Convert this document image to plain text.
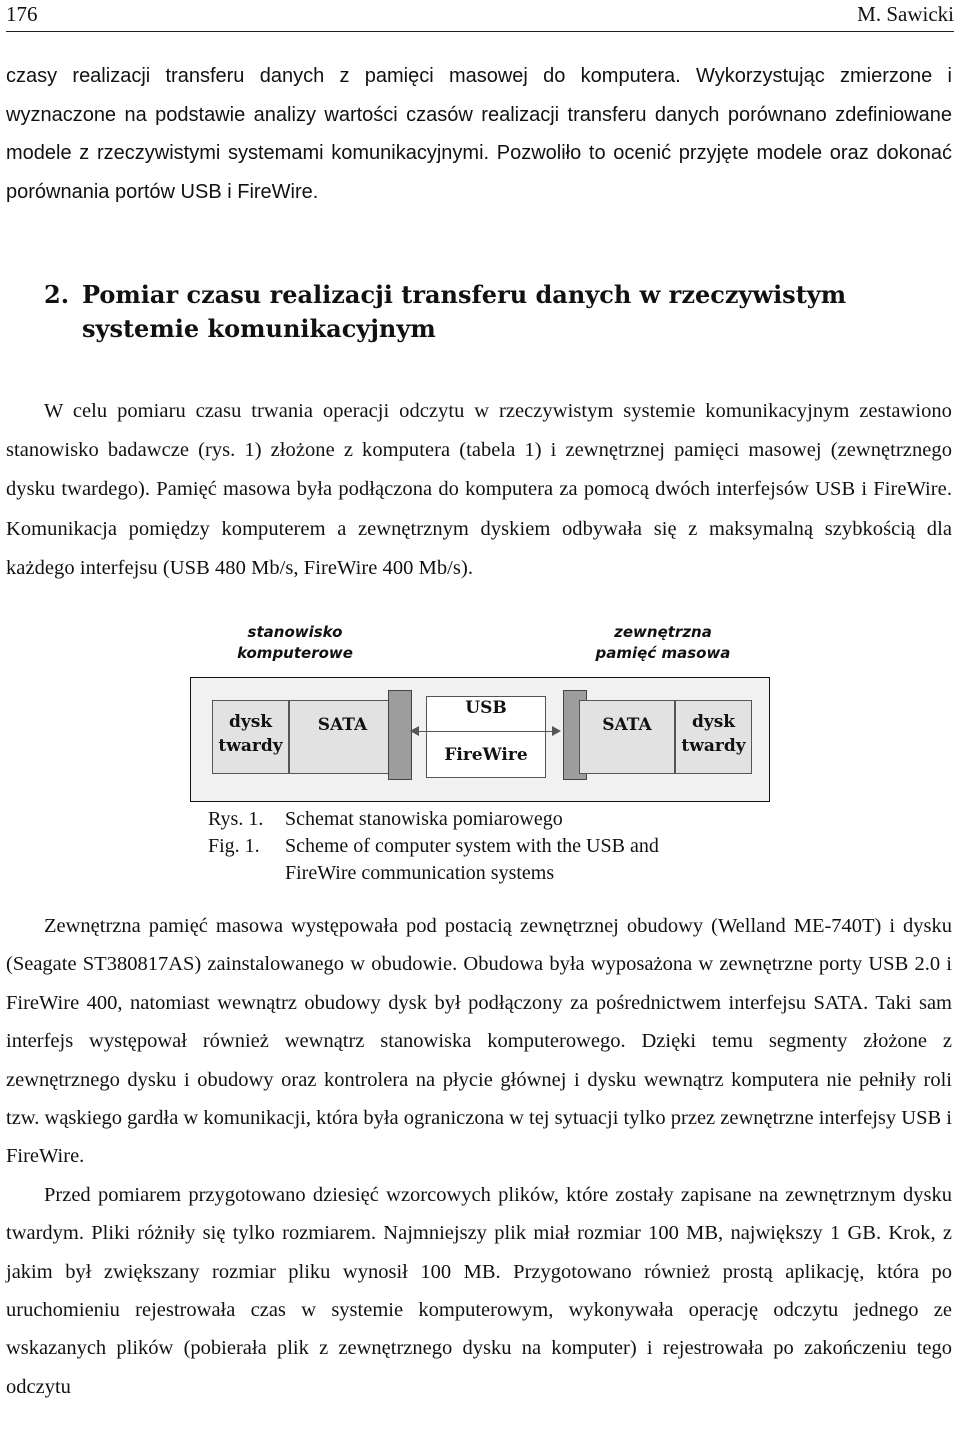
176	M. Sawicki

czasy realizacji transferu danych z pamięci masowej do komputera. Wykorzystując zmierzone i wyznaczone na podstawie analizy wartości czasów realizacji transferu danych porównano zdefiniowane modele z rzeczywistymi systemami komunikacyjnymi. Pozwoliło to ocenić przyjęte modele oraz dokonać porównania portów USB i FireWire.

2. Pomiar czasu realizacji transferu danych w rzeczywistym systemie komunikacyjnym

W celu pomiaru czasu trwania operacji odczytu w rzeczywistym systemie komunikacyjnym zestawiono stanowisko badawcze (rys. 1) złożone z komputera (tabela 1) i zewnętrznej pamięci masowej (zewnętrznego dysku twardego). Pamięć masowa była podłączona do komputera za pomocą dwóch interfejsów USB i FireWire. Komunikacja pomiędzy komputerem a zewnętrznym dyskiem odbywała się z maksymalną szybkością dla każdego interfejsu (USB 480 Mb/s, FireWire 400 Mb/s).

stanowisko
komputerowe
zewnętrzna
pamięć masowa
dysk
twardy
SATA
USB
FireWire
SATA	dysk
twardy
Rys. 1. Schemat stanowiska pomiarowego
Fig. 1. Scheme of computer system with the USB and
FireWire communication systems

Zewnętrzna pamięć masowa występowała pod postacią zewnętrznej obudowy (Welland ME-740T) i dysku (Seagate ST380817AS) zainstalowanego w obudowie. Obudowa była wyposażona w zewnętrzne porty USB 2.0 i FireWire 400, natomiast wewnątrz obudowy dysk był podłączony za pośrednictwem interfejsu SATA. Taki sam interfejs występował również wewnątrz stanowiska komputerowego. Dzięki temu segmenty złożone z zewnętrznego dysku i obudowy oraz kontrolera na płycie głównej i dysku wewnątrz komputera nie pełniły roli tzw. wąskiego gardła w komunikacji, która była ograniczona w tej sytuacji tylko przez zewnętrzne interfejsy USB i FireWire.

Przed pomiarem przygotowano dziesięć wzorcowych plików, które zostały zapisane na zewnętrznym dysku twardym. Pliki różniły się tylko rozmiarem. Najmniejszy plik miał rozmiar 100 MB, największy 1 GB. Krok, z jakim był zwiększany rozmiar pliku wynosił 100 MB. Przygotowano również prostą aplikację, która po uruchomieniu rejestrowała czas w systemie komputerowym, wykonywała operację odczytu jednego ze wskazanych plików (pobierała plik z zewnętrznego dysku na komputer) i rejestrowała po zakończeniu tego odczytu
